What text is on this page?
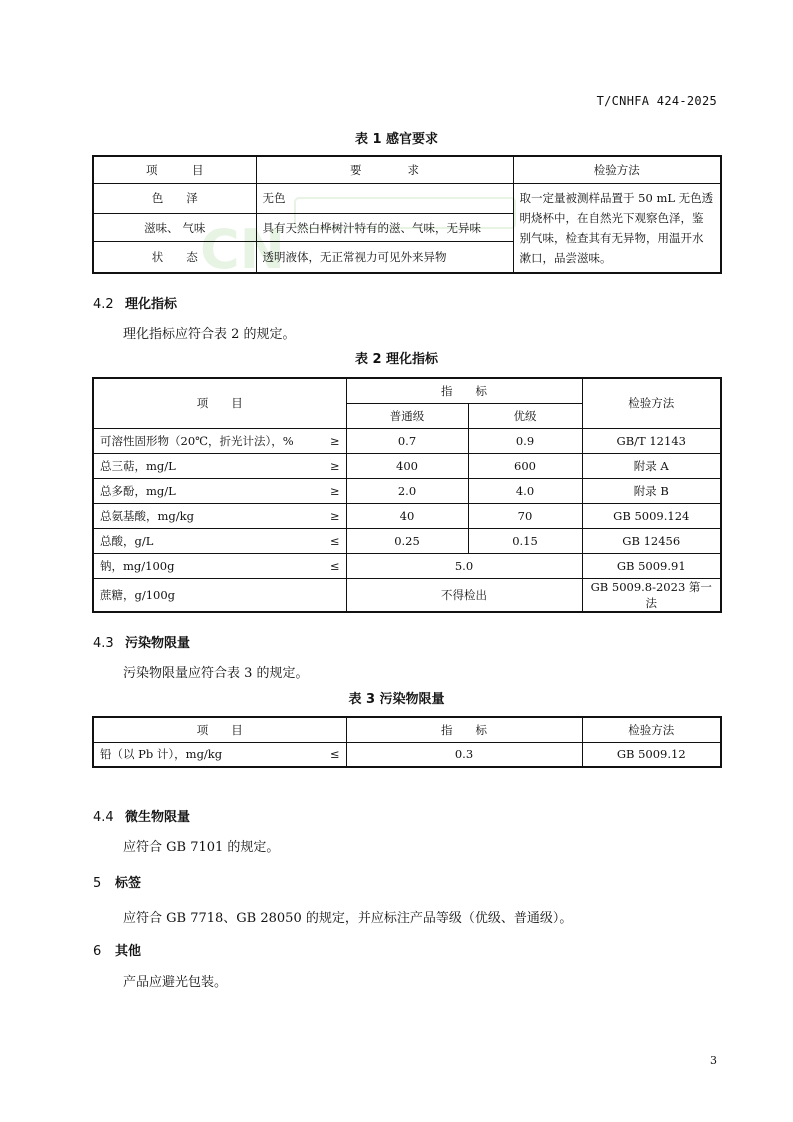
T/CNHFA 424-2025
CN
表 1 感官要求
项　　　目	要　　　　求	检验方法
色　　泽	无色	取一定量被测样品置于 50 mL 无色透明烧杯中，在自然光下观察色泽，鉴别气味，检查其有无异物，用温开水漱口，品尝滋味。
滋味、 气味	具有天然白桦树汁特有的滋、气味，无异味	
状　　态	透明液体，无正常视力可见外来异物	
4.2 理化指标
理化指标应符合表 2 的规定。
表 2 理化指标
项　　目	指　　标		检验方法
	普通级	优级	

可溶性固形物（20℃，折光计法），% ≥	0.7	0.9	GB/T 12143

总三萜，mg/L ≥	400	600	附录 A

总多酚，mg/L ≥	2.0	4.0	附录 B

总氨基酸，mg/kg ≥	40	70	GB 5009.124

总酸，g/L ≤	0.25	0.15	GB 12456

钠，mg/100g ≤	5.0		GB 5009.91
蔗糖，g/100g	不得检出		GB 5009.8-2023 第一法
4.3 污染物限量
污染物限量应符合表 3 的规定。
表 3 污染物限量
项　　目	指　　标	检验方法

铅（以 Pb 计），mg/kg ≤	0.3	GB 5009.12
4.4 微生物限量
应符合 GB 7101 的规定。
5 标签
应符合 GB 7718、GB 28050 的规定，并应标注产品等级（优级、普通级）。
6 其他
产品应避光包装。
3
